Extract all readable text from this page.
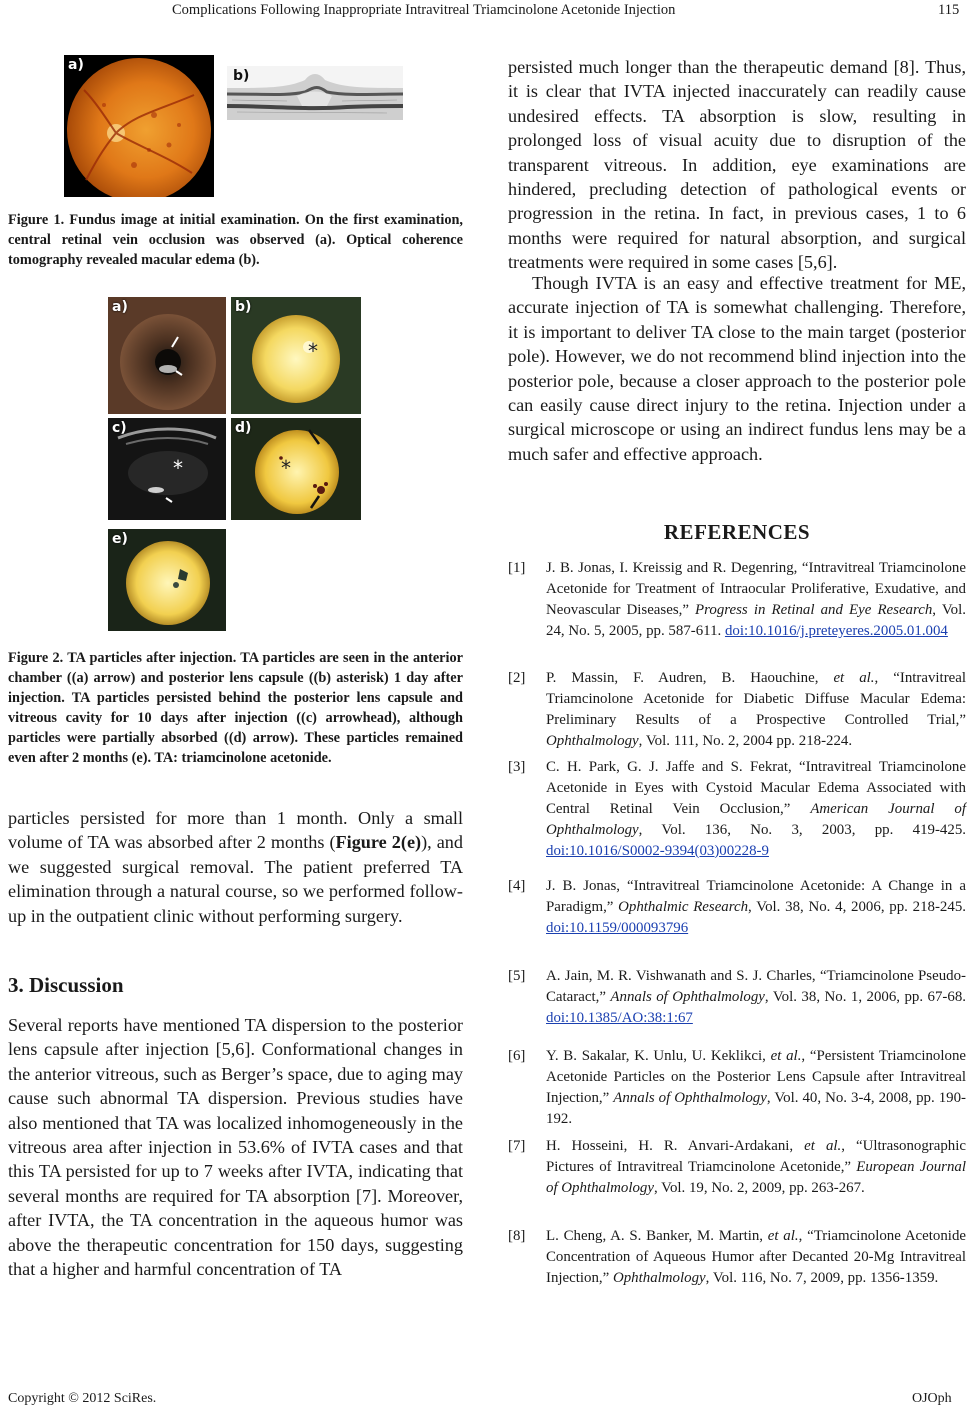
Complications Following Inappropriate Intravitreal Triamcinolone Acetonide Injection	115
a)
b)

Figure 1. Fundus image at initial examination. On the first examination, central retinal vein occlusion was observed (a). Optical coherence tomography revealed macular edema (b).

a)	b)
*
c)
*
d)
*
e)

Figure 2. TA particles after injection. TA particles are seen in the anterior chamber ((a) arrow) and posterior lens capsule ((b) asterisk) 1 day after injection. TA particles persisted behind the posterior lens capsule and vitreous cavity for 10 days after injection ((c) arrowhead), although particles were partially absorbed ((d) arrow). These particles remained even after 2 months (e). TA: triamcinolone acetonide.

particles persisted for more than 1 month. Only a small volume of TA was absorbed after 2 months (Figure 2(e)), and we suggested surgical removal. The patient preferred TA elimination through a natural course, so we performed follow-up in the outpatient clinic without performing surgery.

3. Discussion

Several reports have mentioned TA dispersion to the posterior lens capsule after injection [5,6]. Conformational changes in the anterior vitreous, such as Berger’s space, due to aging may cause such abnormal TA dispersion. Previous studies have also mentioned that TA was localized inhomogeneously in the vitreous area after injection in 53.6% of IVTA cases and that this TA persisted for up to 7 weeks after IVTA, indicating that several months are required for TA absorption [7]. Moreover, after IVTA, the TA concentration in the aqueous humor was above the therapeutic concentration for 150 days, suggesting that a higher and harmful concentration of TA

persisted much longer than the therapeutic demand [8]. Thus, it is clear that IVTA injected inaccurately can readily cause undesired effects. TA absorption is slow, resulting in prolonged loss of visual acuity due to disruption of the transparent vitreous. In addition, eye examinations are hindered, precluding detection of pathological events or progression in the retina. In fact, in previous cases, 1 to 6 months were required for natural absorption, and surgical treatments were required in some cases [5,6].

Though IVTA is an easy and effective treatment for ME, accurate injection of TA is somewhat challenging. Therefore, it is important to deliver TA close to the main target (posterior pole). However, we do not recommend blind injection into the posterior pole, because a closer approach to the posterior pole can easily cause direct injury to the retina. Injection under a surgical microscope or using an indirect fundus lens may be a much safer and effective approach.

REFERENCES
[1] J. B. Jonas, I. Kreissig and R. Degenring, “Intravitreal Triamcinolone Acetonide for Treatment of Intraocular Proliferative, Exudative, and Neovascular Diseases,” Progress in Retinal and Eye Research, Vol. 24, No. 5, 2005, pp. 587-611. doi:10.1016/j.preteyeres.2005.01.004
[2] P. Massin, F. Audren, B. Haouchine, et al., “Intravitreal Triamcinolone Acetonide for Diabetic Diffuse Macular Edema: Preliminary Results of a Prospective Controlled Trial,” Ophthalmology, Vol. 111, No. 2, 2004 pp. 218-224.
[3] C. H. Park, G. J. Jaffe and S. Fekrat, “Intravitreal Triamcinolone Acetonide in Eyes with Cystoid Macular Edema Associated with Central Retinal Vein Occlusion,” American Journal of Ophthalmology, Vol. 136, No. 3, 2003, pp. 419-425. doi:10.1016/S0002-9394(03)00228-9
[4] J. B. Jonas, “Intravitreal Triamcinolone Acetonide: A Change in a Paradigm,” Ophthalmic Research, Vol. 38, No. 4, 2006, pp. 218-245. doi:10.1159/000093796
[5] A. Jain, M. R. Vishwanath and S. J. Charles, “Triamcinolone Pseudo-Cataract,” Annals of Ophthalmology, Vol. 38, No. 1, 2006, pp. 67-68. doi:10.1385/AO:38:1:67
[6] Y. B. Sakalar, K. Unlu, U. Keklikci, et al., “Persistent Triamcinolone Acetonide Particles on the Posterior Lens Capsule after Intravitreal Injection,” Annals of Ophthalmology, Vol. 40, No. 3-4, 2008, pp. 190-192.
[7] H. Hosseini, H. R. Anvari-Ardakani, et al., “Ultrasonographic Pictures of Intravitreal Triamcinolone Acetonide,” European Journal of Ophthalmology, Vol. 19, No. 2, 2009, pp. 263-267.
[8] L. Cheng, A. S. Banker, M. Martin, et al., “Triamcinolone Acetonide Concentration of Aqueous Humor after Decanted 20-Mg Intravitreal Injection,” Ophthalmology, Vol. 116, No. 7, 2009, pp. 1356-1359.
Copyright © 2012 SciRes.	OJOph
